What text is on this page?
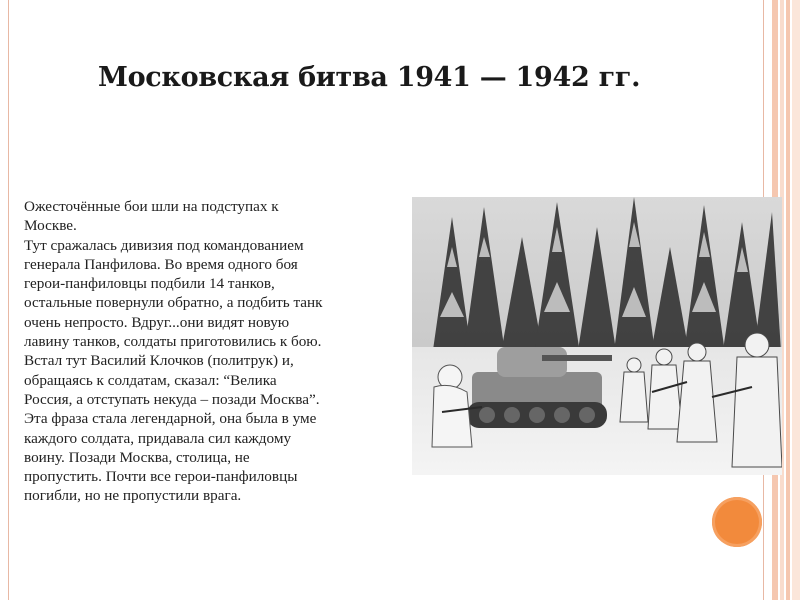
Московская битва 1941 — 1942 гг.
Ожесточённые бои шли на подступах к
Москве.
Тут сражалась дивизия под командованием
генерала Панфилова. Во время одного боя
герои-панфиловцы подбили 14 танков,
остальные повернули обратно, а подбить танк
очень непросто. Вдруг...они видят новую
лавину танков, солдаты приготовились к бою.
Встал тут Василий Клочков (политрук) и,
обращаясь к солдатам, сказал: “Велика
Россия, а отступать некуда – позади Москва”.
Эта фраза стала легендарной, она была в уме
каждого солдата, придавала сил каждому
воину. Позади Москва, столица, не
пропустить. Почти все герои-панфиловцы
погибли, но не пропустили врага.
